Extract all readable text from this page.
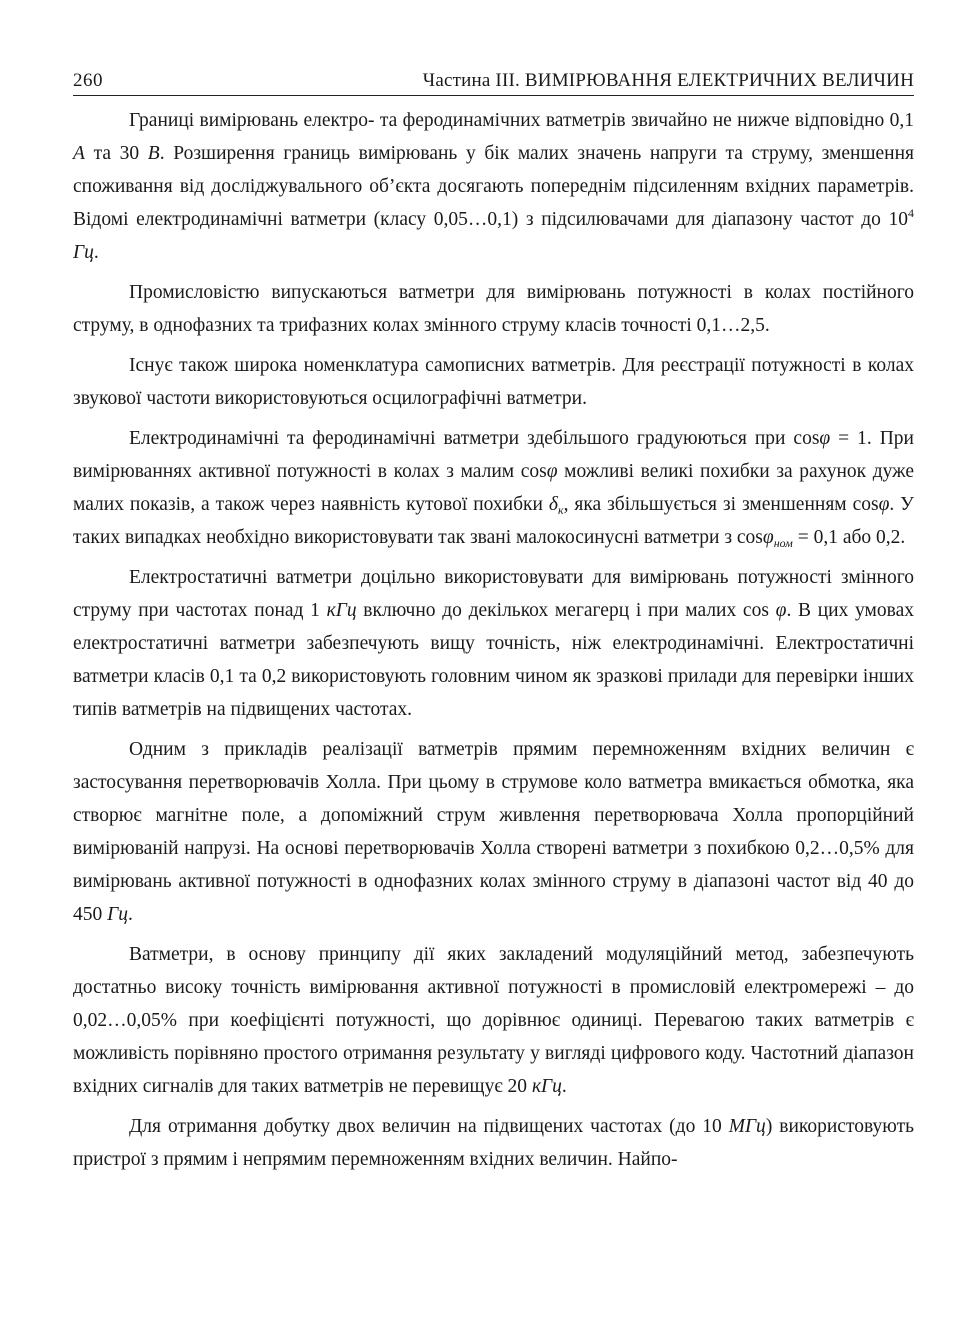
260	Частина ІІІ. ВИМІРЮВАННЯ ЕЛЕКТРИЧНИХ ВЕЛИЧИН

Границі вимірювань електро- та феродинамічних ватметрів звичайно не нижче відповідно 0,1 A та 30 В. Розширення границь вимірювань у бік малих значень напруги та струму, зменшення споживання від досліджувального об’єкта досягають попереднім підсиленням вхідних параметрів. Відомі електродинамічні ватметри (класу 0,05…0,1) з підсилювачами для діапазону частот до $10^4$ Гц.

Промисловістю випускаються ватметри для вимірювань потужності в колах постійного струму, в однофазних та трифазних колах змінного струму класів точності 0,1…2,5.

Існує також широка номенклатура самописних ватметрів. Для реєстрації потужності в колах звукової частоти використовуються осцилографічні ватметри.

Електродинамічні та феродинамічні ватметри здебільшого градуюються при cosφ = 1. При вимірюваннях активної потужності в колах з малим cosφ можливі великі похибки за рахунок дуже малих показів, а також через наявність кутової похибки $\delta_к$, яка збільшується зі зменшенням cosφ. У таких випадках необхідно використовувати так звані малокосинусні ватметри з cosφ$_{ном}$ = 0,1 або 0,2.

Електростатичні ватметри доцільно використовувати для вимірювань потужності змінного струму при частотах понад 1 кГц включно до декількох мегагерц і при малих cos φ. В цих умовах електростатичні ватметри забезпечують вищу точність, ніж електродинамічні. Електростатичні ватметри класів 0,1 та 0,2 використовують головним чином як зразкові прилади для перевірки інших типів ватметрів на підвищених частотах.

Одним з прикладів реалізації ватметрів прямим перемноженням вхідних величин є застосування перетворювачів Холла. При цьому в струмове коло ватметра вмикається обмотка, яка створює магнітне поле, а допоміжний струм живлення перетворювача Холла пропорційний вимірюваній напрузі. На основі перетворювачів Холла створені ватметри з похибкою 0,2…0,5% для вимірювань активної потужності в однофазних колах змінного струму в діапазоні частот від 40 до 450 Гц.

Ватметри, в основу принципу дії яких закладений модуляційний метод, забезпечують достатньо високу точність вимірювання активної потужності в промисловій електромережі – до 0,02…0,05% при коефіцієнті потужності, що дорівнює одиниці. Перевагою таких ватметрів є можливість порівняно простого отримання результату у вигляді цифрового коду. Частотний діапазон вхідних сигналів для таких ватметрів не перевищує 20 кГц.

Для отримання добутку двох величин на підвищених частотах (до 10 МГц) використовують пристрої з прямим і непрямим перемноженням вхідних величин. Найпо-
